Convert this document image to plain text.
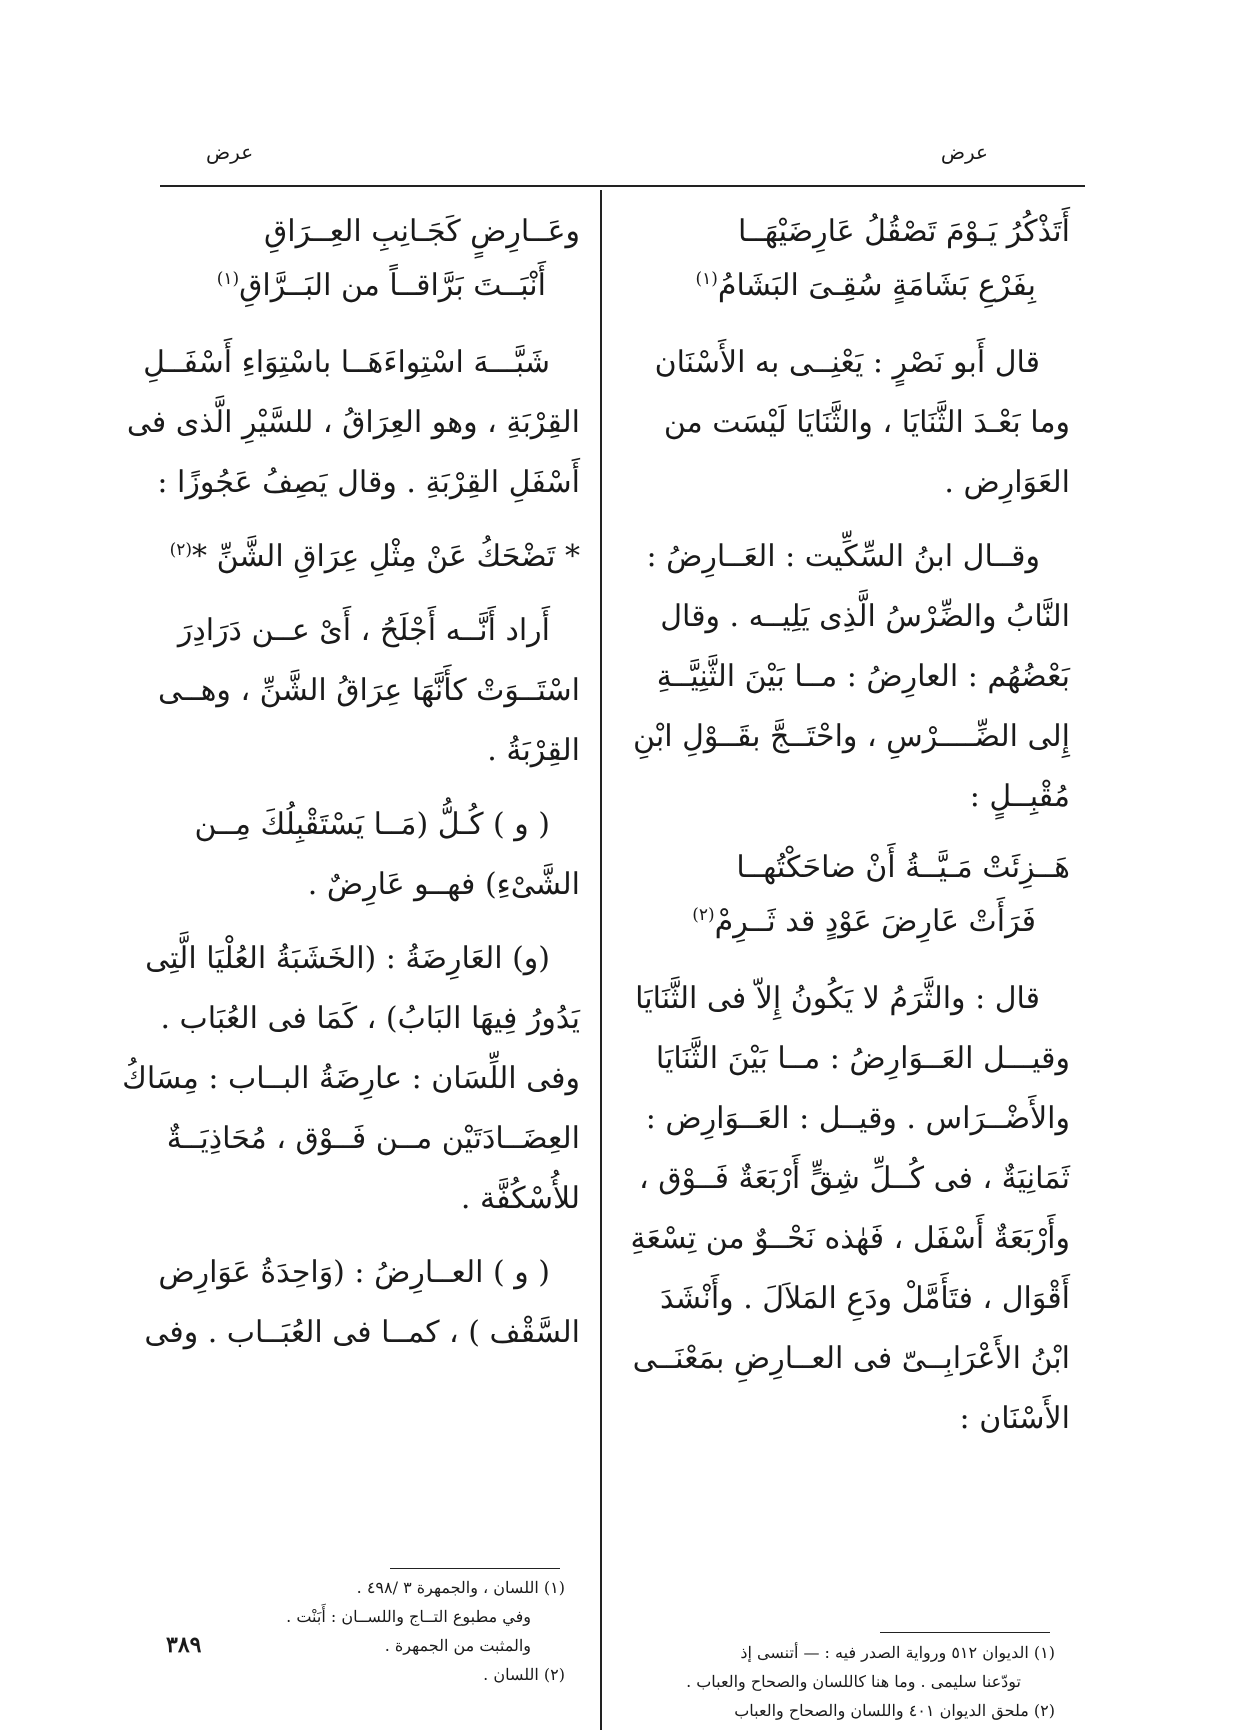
عرض
عرض
أَتَذْكُرُ يَـوْمَ تَصْقُلُ عَارِضَيْهَــا
بِفَرْعِ بَشَامَةٍ سُقِـىَ البَشَامُ$^{(١)}$
قال أَبو نَصْرٍ : يَعْنِــى به الأَسْنَان
وما بَعْـدَ الثَّنَايَا ، والثَّنَايَا لَيْسَت من
العَوَارِض .
وقــال ابنُ السِّكِّيت : العَــارِضُ :
النَّابُ والضِّرْسُ الَّذِى يَلِيــه . وقال
بَعْضُهُم : العارِضُ : مــا بَيْنَ الثَّنِيَّــةِ
إِلى الضِّــــرْسِ ، واحْتَــجَّ بقَــوْلِ ابْنِ
مُقْبِــلٍ :
هَــزِئَتْ مَـيَّــةُ أَنْ ضاحَكْتُهــا
فَرَأَتْ عَارِضَ عَوْدٍ قد ثَــرِمْ$^{(٢)}$
قال : والثَّرَمُ لا يَكُونُ إِلاّ فى الثَّنَايَا
وقيـــل العَــوَارِضُ : مــا بَيْنَ الثَّنَايَا
والأَضْــرَاس . وقيــل : العَــوَارِض :
ثَمَانِيَةٌ ، فى كُــلِّ شِقٍّ أَرْبَعَةٌ فَــوْق ،
وأَرْبَعَةٌ أَسْفَل ، فَهٰذه نَحْــوٌ من تِسْعَةِ
أَقْوَال ، فتَأَمَّلْ ودَعِ المَلاَلَ . وأَنْشَدَ
ابْنُ الأَعْرَابِــىّ فى العــارِضِ بمَعْنَــى
الأَسْنَان :
(١) الديوان ٥١٢ ورواية الصدر فيه : — أتنسى إذ
تودّعنا سليمى . وما هنا كاللسان والصحاح والعباب .
(٢) ملحق الديوان ٤٠١ واللسان والصحاح والعباب
وعَــارِضٍ كَجَـانِبِ العِــرَاقِ
أَنْبَــتَ بَرَّاقــاً من البَــرَّاقِ$^{(١)}$
شَبَّـــهَ اسْتِواءَهَــا باسْتِوَاءِ أَسْفَــلِ
القِرْبَةِ ، وهو العِرَاقُ ، للسَّيْرِ الَّذى فى
أَسْفَلِ القِرْبَةِ . وقال يَصِفُ عَجُوزًا :
* تَضْحَكُ عَنْ مِثْلِ عِرَاقِ الشَّنِّ *$^{(٢)}$
أَراد أَنَّــه أَجْلَحُ ، أَىْ عــن دَرَادِرَ
اسْتَــوَتْ كأَنَّهَا عِرَاقُ الشَّنِّ ، وهــى
القِرْبَةُ .
( و ) كُـلُّ (مَــا يَسْتَقْبِلُكَ مِــن
الشَّىْءِ) فهــو عَارِضٌ .
(و) العَارِضَةُ : (الخَشَبَةُ العُلْيَا الَّتِى
يَدُورُ فِيهَا البَابُ) ، كَمَا فى العُبَاب .
وفى اللِّسَان : عارِضَةُ البــاب : مِسَاكُ
العِضَــادَتَيْن مــن فَــوْق ، مُحَاذِيَــةٌ
للأُسْكُفَّة .
( و ) العــارِضُ : (وَاحِدَةُ عَوَارِض
السَّقْف ) ، كمــا فى العُبَــاب . وفى
(١) اللسان ، والجمهرة ٣ /٤٩٨ .
وفي مطبوع التــاج واللســان : أَبَنْت .
والمثبت من الجمهرة .
(٢) اللسان .
٣٨٩
